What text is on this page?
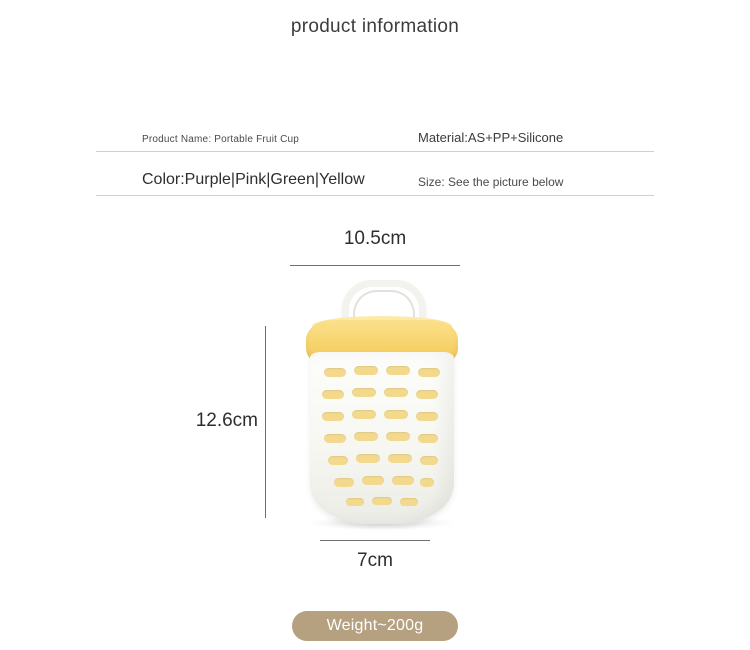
product information
Product Name: Portable Fruit Cup	Material:AS+PP+Silicone
Color:Purple|Pink|Green|Yellow	Size: See the picture below
10.5cm
12.6cm
7cm
Weight~200g
